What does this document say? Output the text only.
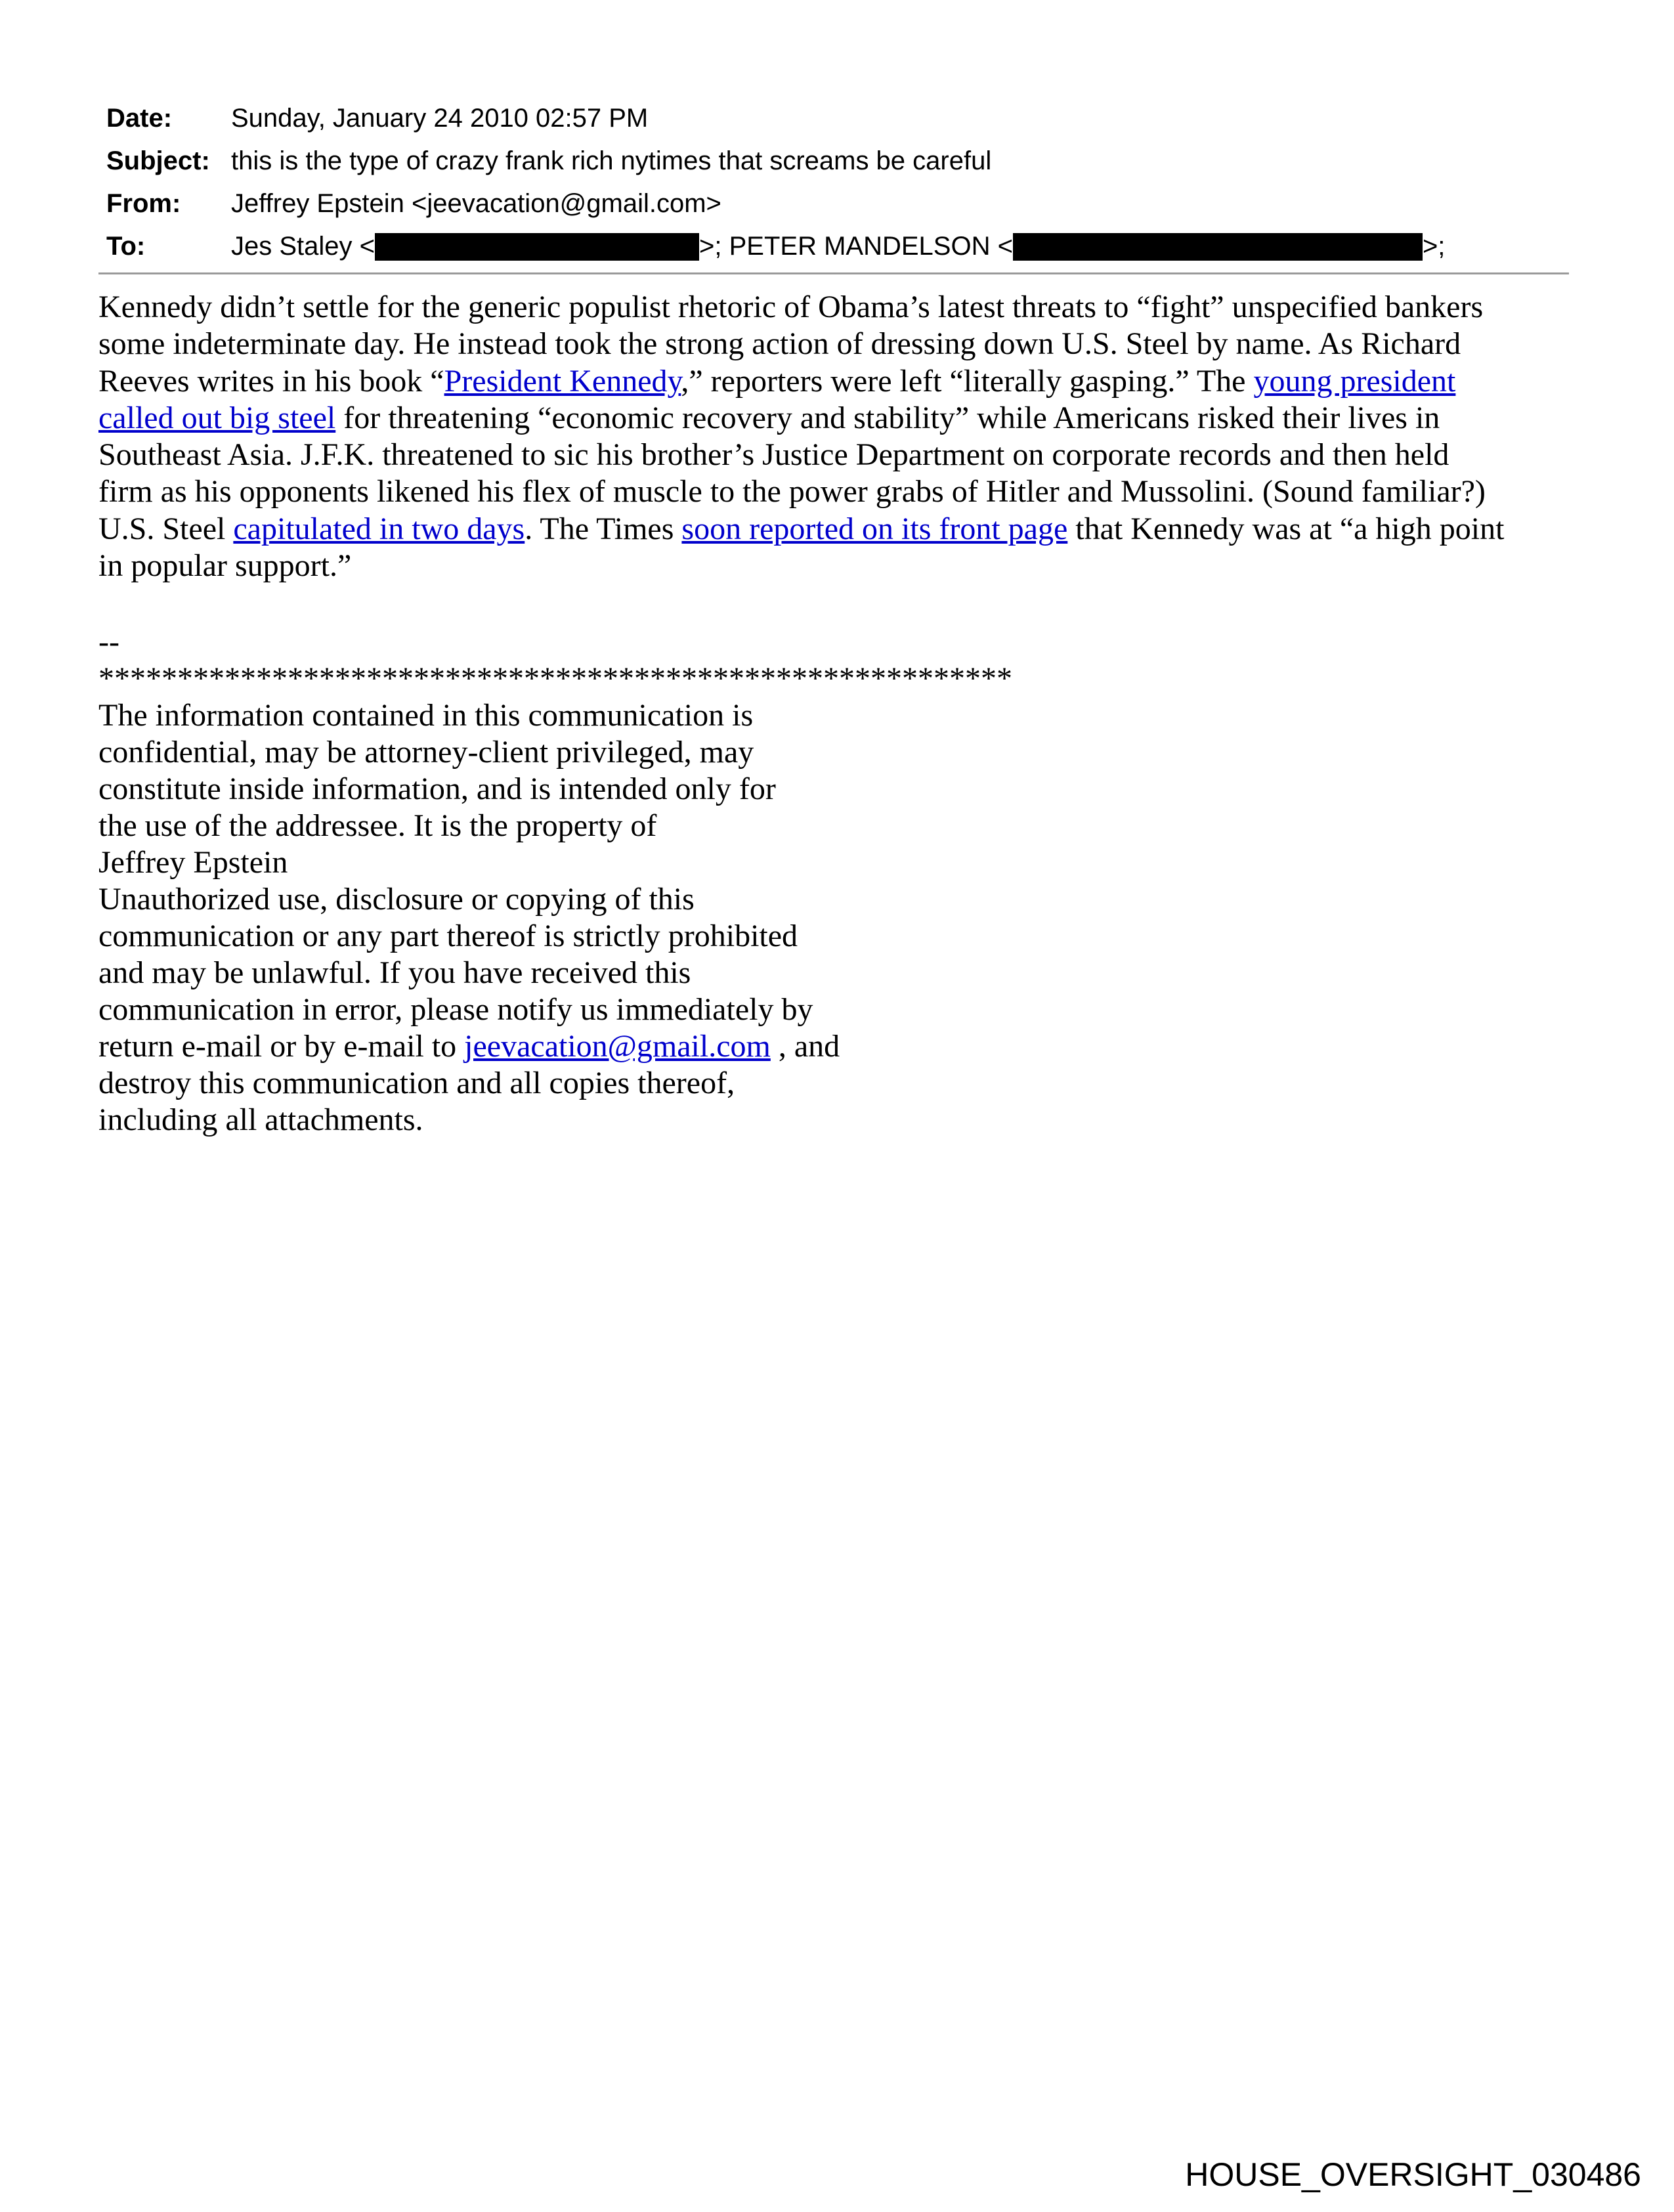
Date: Sunday, January 24 2010 02:57 PM
Subject: this is the type of crazy frank rich nytimes that screams be careful
From: Jeffrey Epstein <jeevacation@gmail.com>
To:	Jes Staley <	>; PETER MANDELSON <	>;
Kennedy didn’t settle for the generic populist rhetoric of Obama’s latest threats to “fight” unspecified bankers
some indeterminate day. He instead took the strong action of dressing down U.S. Steel by name. As Richard
Reeves writes in his book “President Kennedy,” reporters were left “literally gasping.” The young president
called out big steel for threatening “economic recovery and stability” while Americans risked their lives in
Southeast Asia. J.F.K. threatened to sic his brother’s Justice Department on corporate records and then held
firm as his opponents likened his flex of muscle to the power grabs of Hitler and Mussolini. (Sound familiar?)
U.S. Steel capitulated in two days. The Times soon reported on its front page that Kennedy was at “a high point
in popular support.”
--
**********************************************************
The information contained in this communication is
confidential, may be attorney-client privileged, may
constitute inside information, and is intended only for
the use of the addressee. It is the property of
Jeffrey Epstein
Unauthorized use, disclosure or copying of this
communication or any part thereof is strictly prohibited
and may be unlawful. If you have received this
communication in error, please notify us immediately by
return e-mail or by e-mail to jeevacation@gmail.com , and
destroy this communication and all copies thereof,
including all attachments.
HOUSE_OVERSIGHT_030486
